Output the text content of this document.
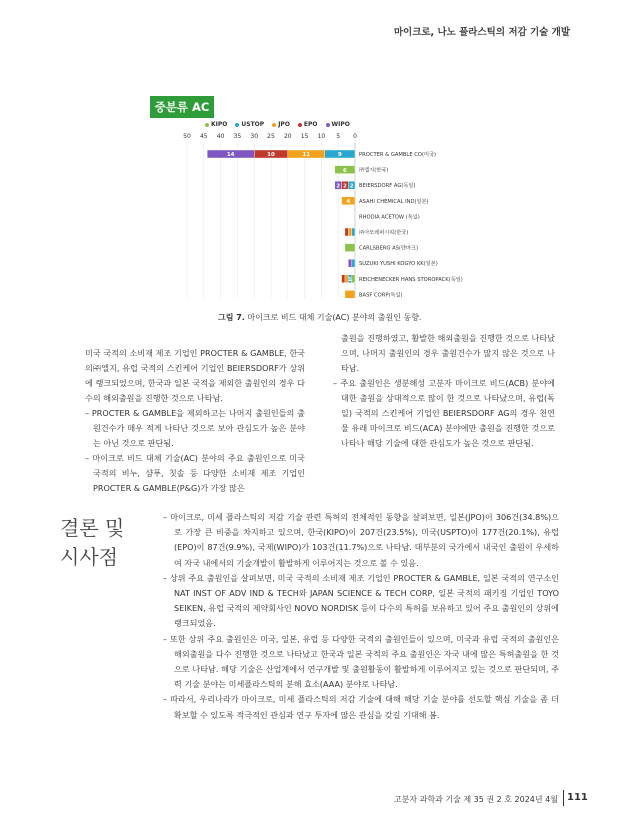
마이크로, 나노 플라스틱의 저감 기술 개발
중분류 AC
KIPO USTOP JPO EPO WIPO
50 45 40 35 30 25 20 15 10 5 0
10	9
11
14	PROCTER & GAMBLE CO(미국)
6 ㈜엘지(한국)
2
2
2	BEIERSDORF AG(독일)
4 ASAHI CHEMICAL IND(일본)
RHODIA ACETOW (독일)
㈜아모레퍼시픽(한국)
CARLSBERG AS(덴마크)
SUZUKI YUSHI KOGYO KK(일본)
1 REICHENECKER HANS STOROPACK(독일)
BASF CORP(독일)
그림 7. 마이크로 비드 대체 기술(AC) 분야의 출원인 동향.

미국 국적의 소비재 제조 기업인 PROCTER & GAMBLE, 한국의㈜엘지, 유럽 국적의 스킨케어 기업인 BEIERSDORF가 상위에 랭크되었으며, 한국과 일본 국적을 제외한 출원인의 경우 다수의 해외출원을 진행한 것으로 나타남.

– PROCTER & GAMBLE을 제외하고는 나머지 출원인들의 출원건수가 매우 적게 나타난 것으로 보아 관심도가 높은 분야는 아닌 것으로 판단됨.

– 마이크로 비드 대체 기술(AC) 분야의 주요 출원인으로 미국 국적의 비누, 샴푸, 칫솔 등 다양한 소비재 제조 기업인 PROCTER & GAMBLE(P&G)가 가장 많은

출원을 진행하였고, 활발한 해외출원을 진행한 것으로 나타났으며, 나머지 출원인의 경우 출원건수가 많지 않은 것으로 나타남.

– 주요 출원인은 생분해성 고분자 마이크로 비드(ACB) 분야에 대한 출원을 상대적으로 많이 한 것으로 나타났으며, 유럽(독일) 국적의 스킨케어 기업인 BEIERSDORF AG의 경우 천연물 유래 마이크로 비드(ACA) 분야에만 출원을 진행한 것으로 나타나 해당 기술에 대한 관심도가 높은 것으로 판단됨.

결론 및
시사점

– 마이크로, 미세 플라스틱의 저감 기술 관련 특허의 전체적인 동향을 살펴보면, 일본(JPO)이 306건(34.8%)으로 가장 큰 비중을 차지하고 있으며, 한국(KIPO)이 207건(23.5%), 미국(USPTO)이 177건(20.1%), 유럽(EPO)이 87건(9.9%), 국제(WIPO)가 103건(11.7%)으로 나타남. 대부분의 국가에서 내국인 출원이 우세하여 자국 내에서의 기술개발이 활발하게 이루어지는 것으로 볼 수 있음.

– 상위 주요 출원인을 살펴보면, 미국 국적의 소비재 제조 기업인 PROCTER & GAMBLE, 일본 국적의 연구소인 NAT INST OF ADV IND & TECH와 JAPAN SCIENCE & TECH CORP, 일본 국적의 패키징 기업인 TOYO SEIKEN, 유럽 국적의 제약회사인 NOVO NORDISK 등이 다수의 특허를 보유하고 있어 주요 출원인의 상위에 랭크되었음.

– 또한 상위 주요 출원인은 미국, 일본, 유럽 등 다양한 국적의 출원인들이 있으며, 미국과 유럽 국적의 출원인은 해외출원을 다수 진행한 것으로 나타났고 한국과 일본 국적의 주요 출원인은 자국 내에 많은 특허출원을 한 것으로 나타남. 해당 기술은 산업계에서 연구개발 및 출원활동이 활발하게 이루어지고 있는 것으로 판단되며, 주력 기술 분야는 미세플라스틱의 분해 효소(AAA) 분야로 나타남.

– 따라서, 우리나라가 마이크로, 미세 플라스틱의 저감 기술에 대해 해당 기술 분야를 선도할 핵심 기술을 좀 더 확보할 수 있도록 적극적인 관심과 연구 투자에 많은 관심을 갖길 기대해 봄.

고분자 과학과 기술 제 35 권 2 호 2024년 4월 111
